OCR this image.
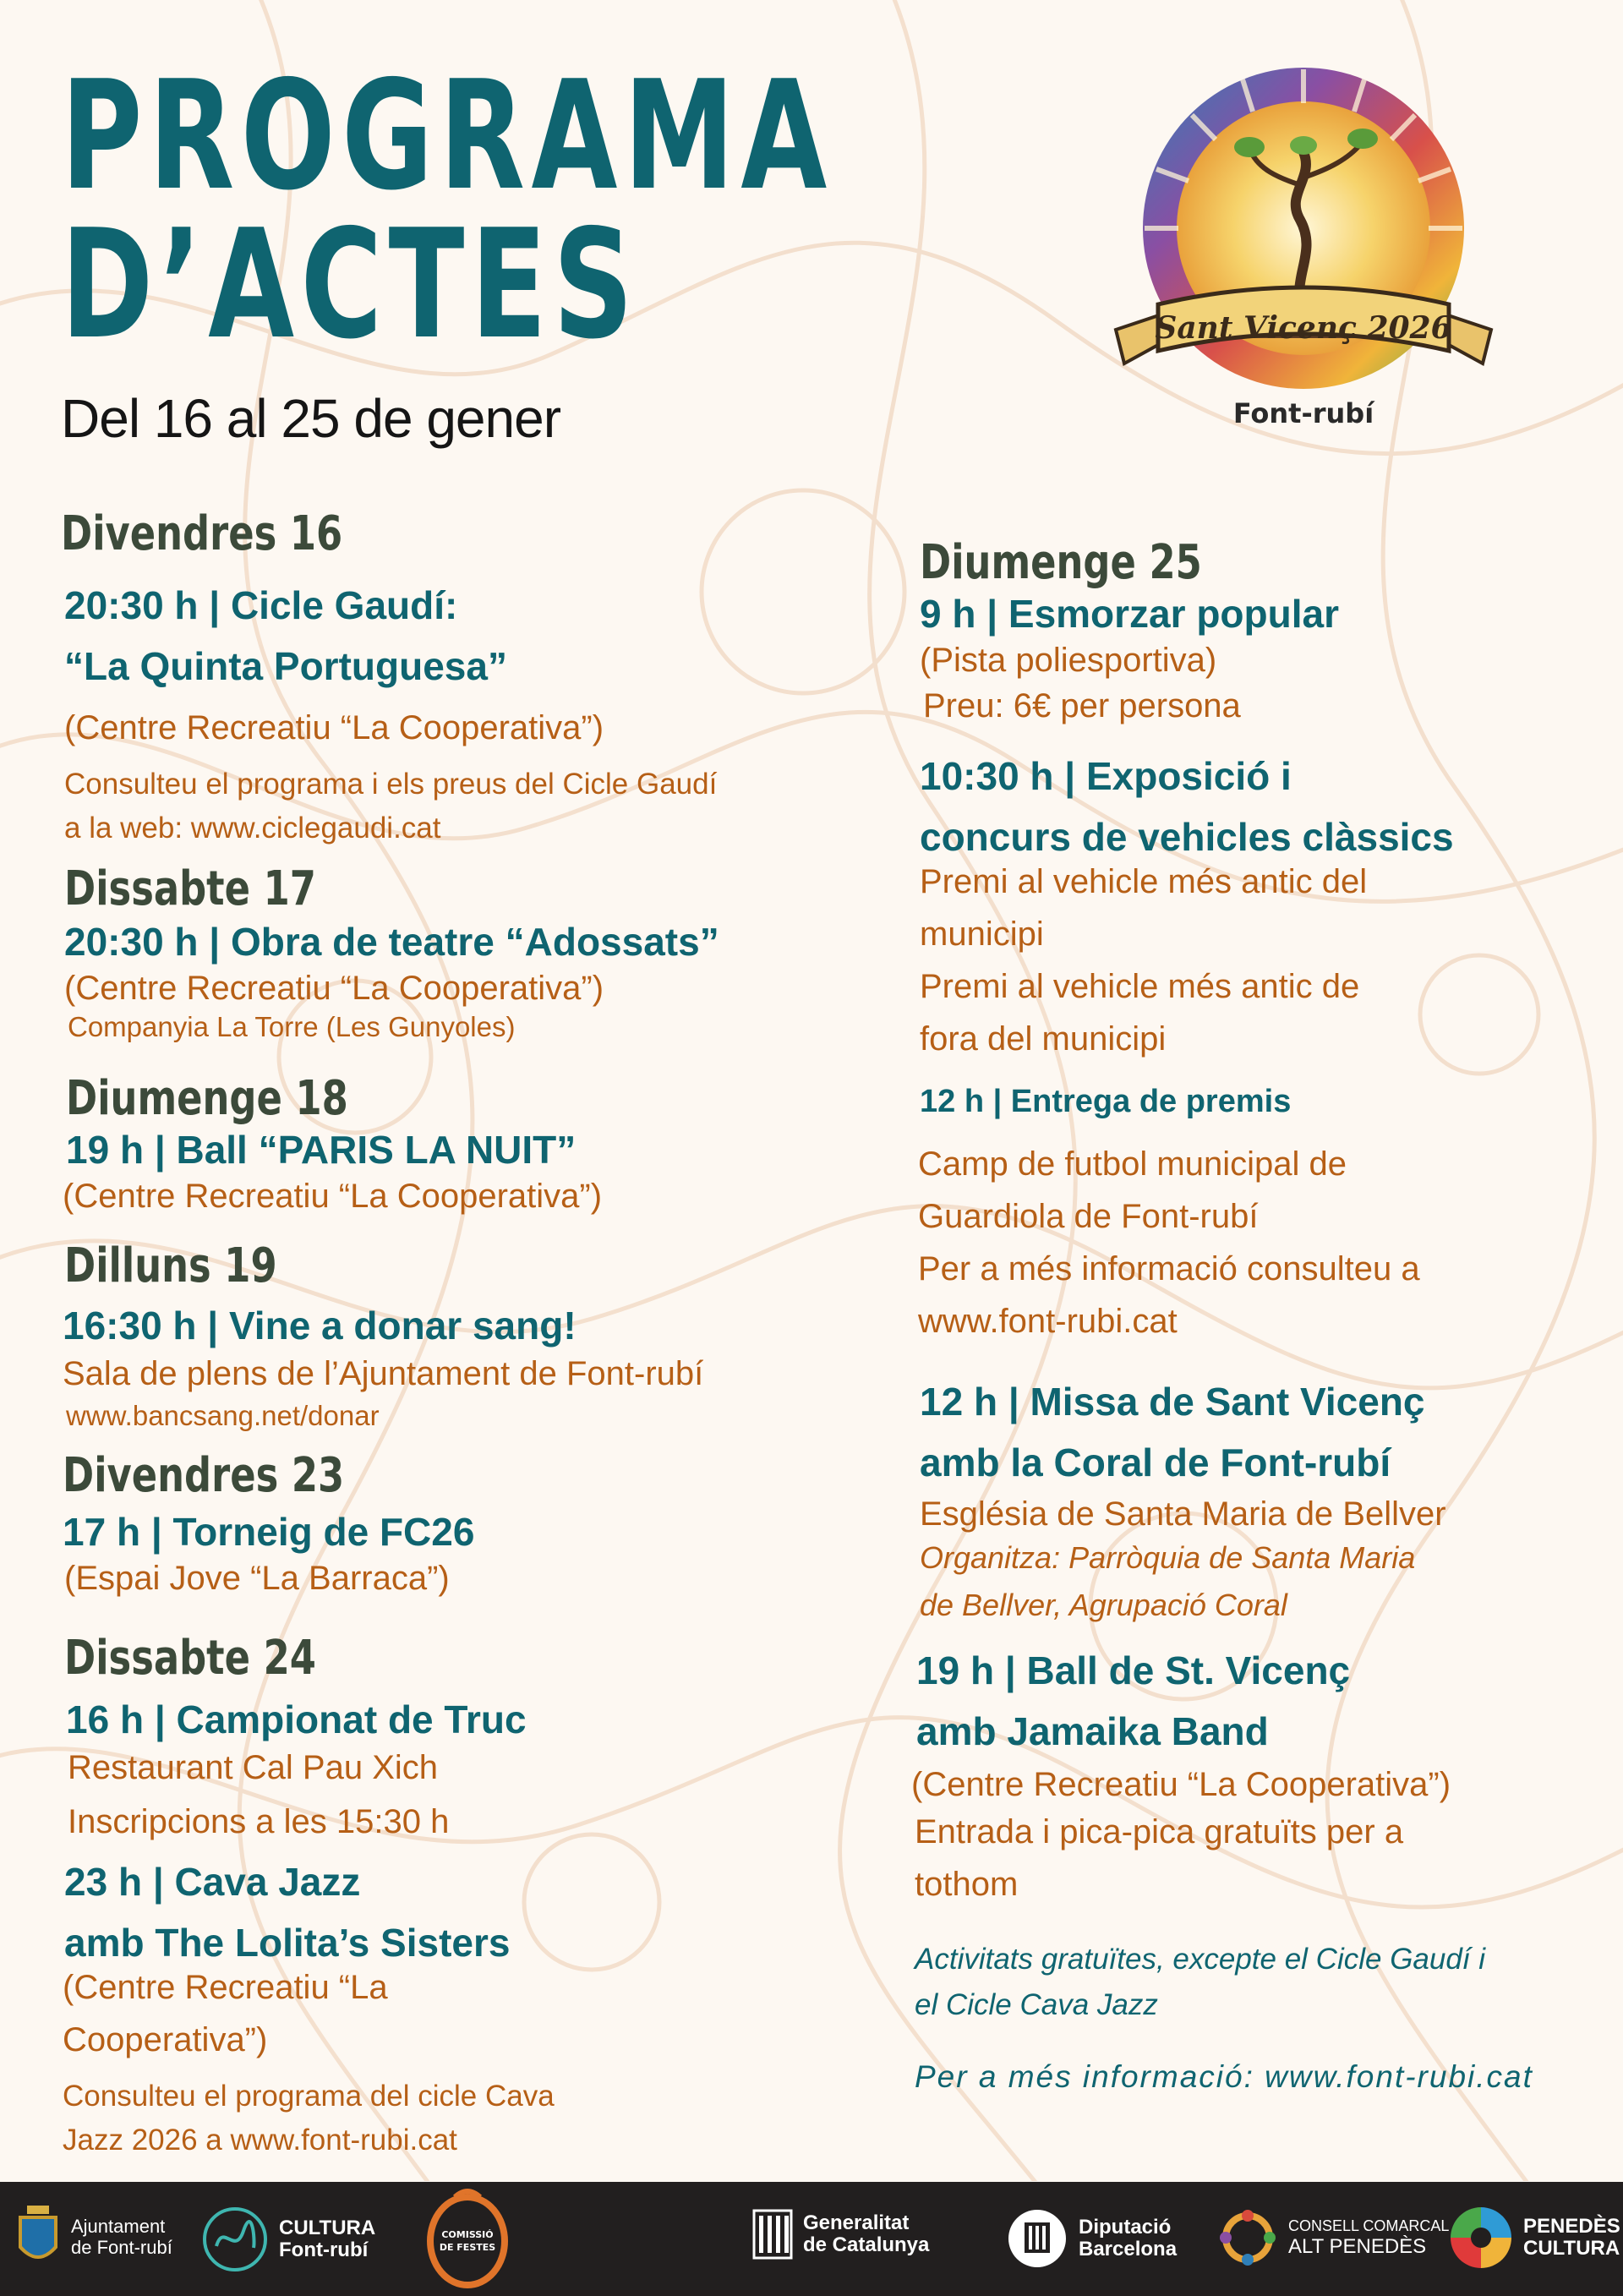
PROGRAMA
D’ACTES
Del 16 al 25 de gener
Sant Vicenç 2026
Font-rubí
Divendres 16
20:30 h | Cicle Gaudí:
“La Quinta Portuguesa”
(Centre Recreatiu “La Cooperativa”)
Consulteu el programa i els preus del Cicle Gaudí
a la web: www.ciclegaudi.cat
Dissabte 17
20:30 h | Obra de teatre “Adossats”
(Centre Recreatiu “La Cooperativa”)
Companyia La Torre (Les Gunyoles)
Diumenge 18
19 h | Ball “PARIS LA NUIT”
(Centre Recreatiu “La Cooperativa”)
Dilluns 19
16:30 h | Vine a donar sang!
Sala de plens de l’Ajuntament de Font-rubí
www.bancsang.net/donar
Divendres 23
17 h | Torneig de FC26
(Espai Jove “La Barraca”)
Dissabte 24
16 h | Campionat de Truc
Restaurant Cal Pau Xich
Inscripcions a les 15:30 h
23 h | Cava Jazz
amb The Lolita’s Sisters
(Centre Recreatiu “La
Cooperativa”)
Consulteu el programa del cicle Cava
Jazz 2026 a www.font-rubi.cat
Diumenge 25
9 h | Esmorzar popular
(Pista poliesportiva)
Preu: 6€ per persona
10:30 h | Exposició i
concurs de vehicles clàssics
Premi al vehicle més antic del
municipi
Premi al vehicle més antic de
fora del municipi
12 h | Entrega de premis
Camp de futbol municipal de
Guardiola de Font-rubí
Per a més informació consulteu a
www.font-rubi.cat
12 h | Missa de Sant Vicenç
amb la Coral de Font-rubí
Església de Santa Maria de Bellver
Organitza: Parròquia de Santa Maria
de Bellver, Agrupació Coral
19 h | Ball de St. Vicenç
amb Jamaika Band
(Centre Recreatiu “La Cooperativa”)
Entrada i pica-pica gratuïts per a
tothom
Activitats gratuïtes, excepte el Cicle Gaudí i
el Cicle Cava Jazz
Per a més informació: www.font-rubi.cat
Ajuntament
de Font-rubí
CULTURA
Font-rubí
COMISSIÓ
DE FESTES
Generalitat
de Catalunya
Diputació
Barcelona
CONSELL COMARCAL
ALT PENEDÈS
PENEDÈS
CULTURA
